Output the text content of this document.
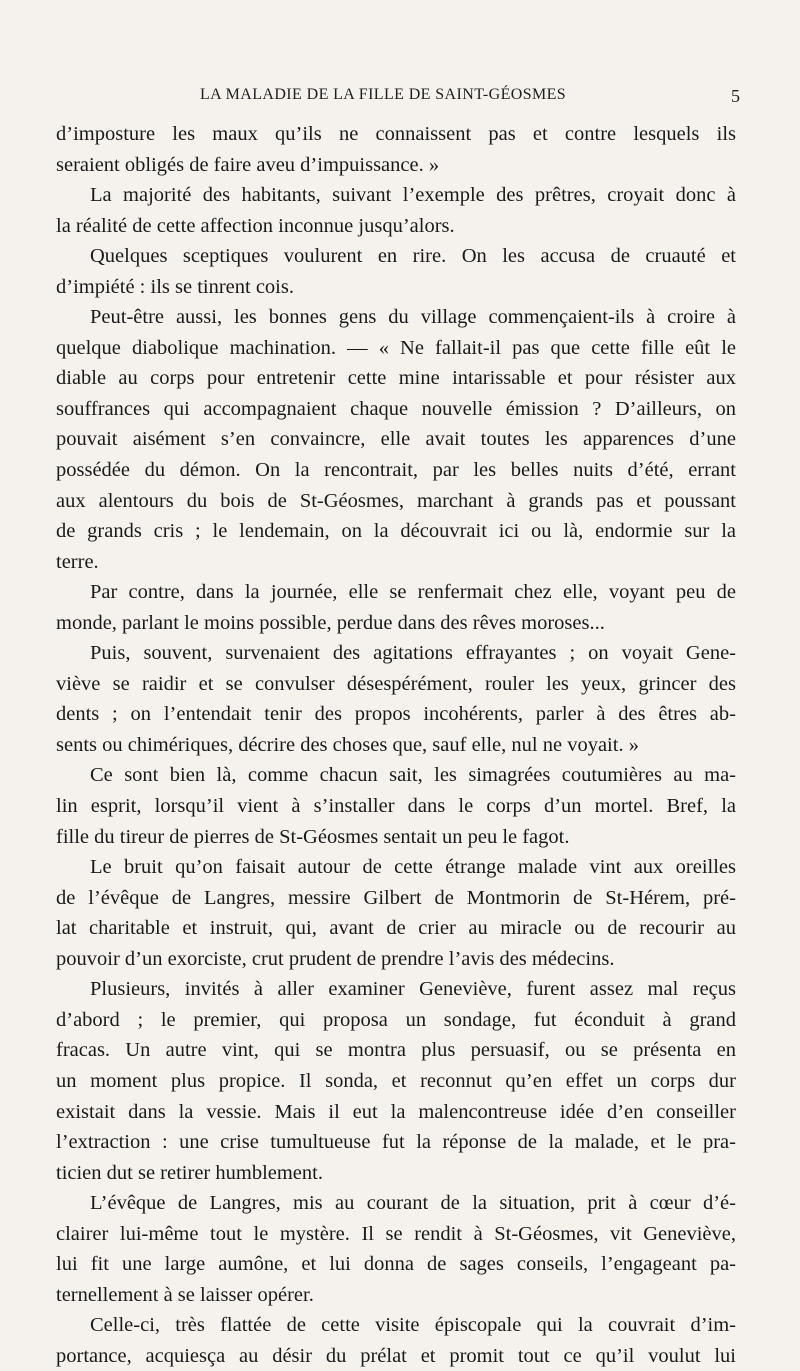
LA MALADIE DE LA FILLE DE SAINT-GÉOSMES	5
d’imposture les maux qu’ils ne connaissent pas et contre lesquels ils
seraient obligés de faire aveu d’impuissance. »
La majorité des habitants, suivant l’exemple des prêtres, croyait donc à
la réalité de cette affection inconnue jusqu’alors.
Quelques sceptiques voulurent en rire. On les accusa de cruauté et
d’impiété : ils se tinrent cois.
Peut-être aussi, les bonnes gens du village commençaient-ils à croire à
quelque diabolique machination. — « Ne fallait-il pas que cette fille eût le
diable au corps pour entretenir cette mine intarissable et pour résister aux
souffrances qui accompagnaient chaque nouvelle émission ? D’ailleurs, on
pouvait aisément s’en convaincre, elle avait toutes les apparences d’une
possédée du démon. On la rencontrait, par les belles nuits d’été, errant
aux alentours du bois de St-Géosmes, marchant à grands pas et poussant
de grands cris ; le lendemain, on la découvrait ici ou là, endormie sur la
terre.
Par contre, dans la journée, elle se renfermait chez elle, voyant peu de
monde, parlant le moins possible, perdue dans des rêves moroses...
Puis, souvent, survenaient des agitations effrayantes ; on voyait Gene-
viève se raidir et se convulser désespérément, rouler les yeux, grincer des
dents ; on l’entendait tenir des propos incohérents, parler à des êtres ab-
sents ou chimériques, décrire des choses que, sauf elle, nul ne voyait. »
Ce sont bien là, comme chacun sait, les simagrées coutumières au ma-
lin esprit, lorsqu’il vient à s’installer dans le corps d’un mortel. Bref, la
fille du tireur de pierres de St-Géosmes sentait un peu le fagot.
Le bruit qu’on faisait autour de cette étrange malade vint aux oreilles
de l’évêque de Langres, messire Gilbert de Montmorin de St-Hérem, pré-
lat charitable et instruit, qui, avant de crier au miracle ou de recourir au
pouvoir d’un exorciste, crut prudent de prendre l’avis des médecins.
Plusieurs, invités à aller examiner Geneviève, furent assez mal reçus
d’abord ; le premier, qui proposa un sondage, fut éconduit à grand
fracas. Un autre vint, qui se montra plus persuasif, ou se présenta en
un moment plus propice. Il sonda, et reconnut qu’en effet un corps dur
existait dans la vessie. Mais il eut la malencontreuse idée d’en conseiller
l’extraction : une crise tumultueuse fut la réponse de la malade, et le pra-
ticien dut se retirer humblement.
L’évêque de Langres, mis au courant de la situation, prit à cœur d’é-
clairer lui-même tout le mystère. Il se rendit à St-Géosmes, vit Geneviève,
lui fit une large aumône, et lui donna de sages conseils, l’engageant pa-
ternellement à se laisser opérer.
Celle-ci, très flattée de cette visite épiscopale qui la couvrait d’im-
portance, acquiesça au désir du prélat et promit tout ce qu’il voulut lui
